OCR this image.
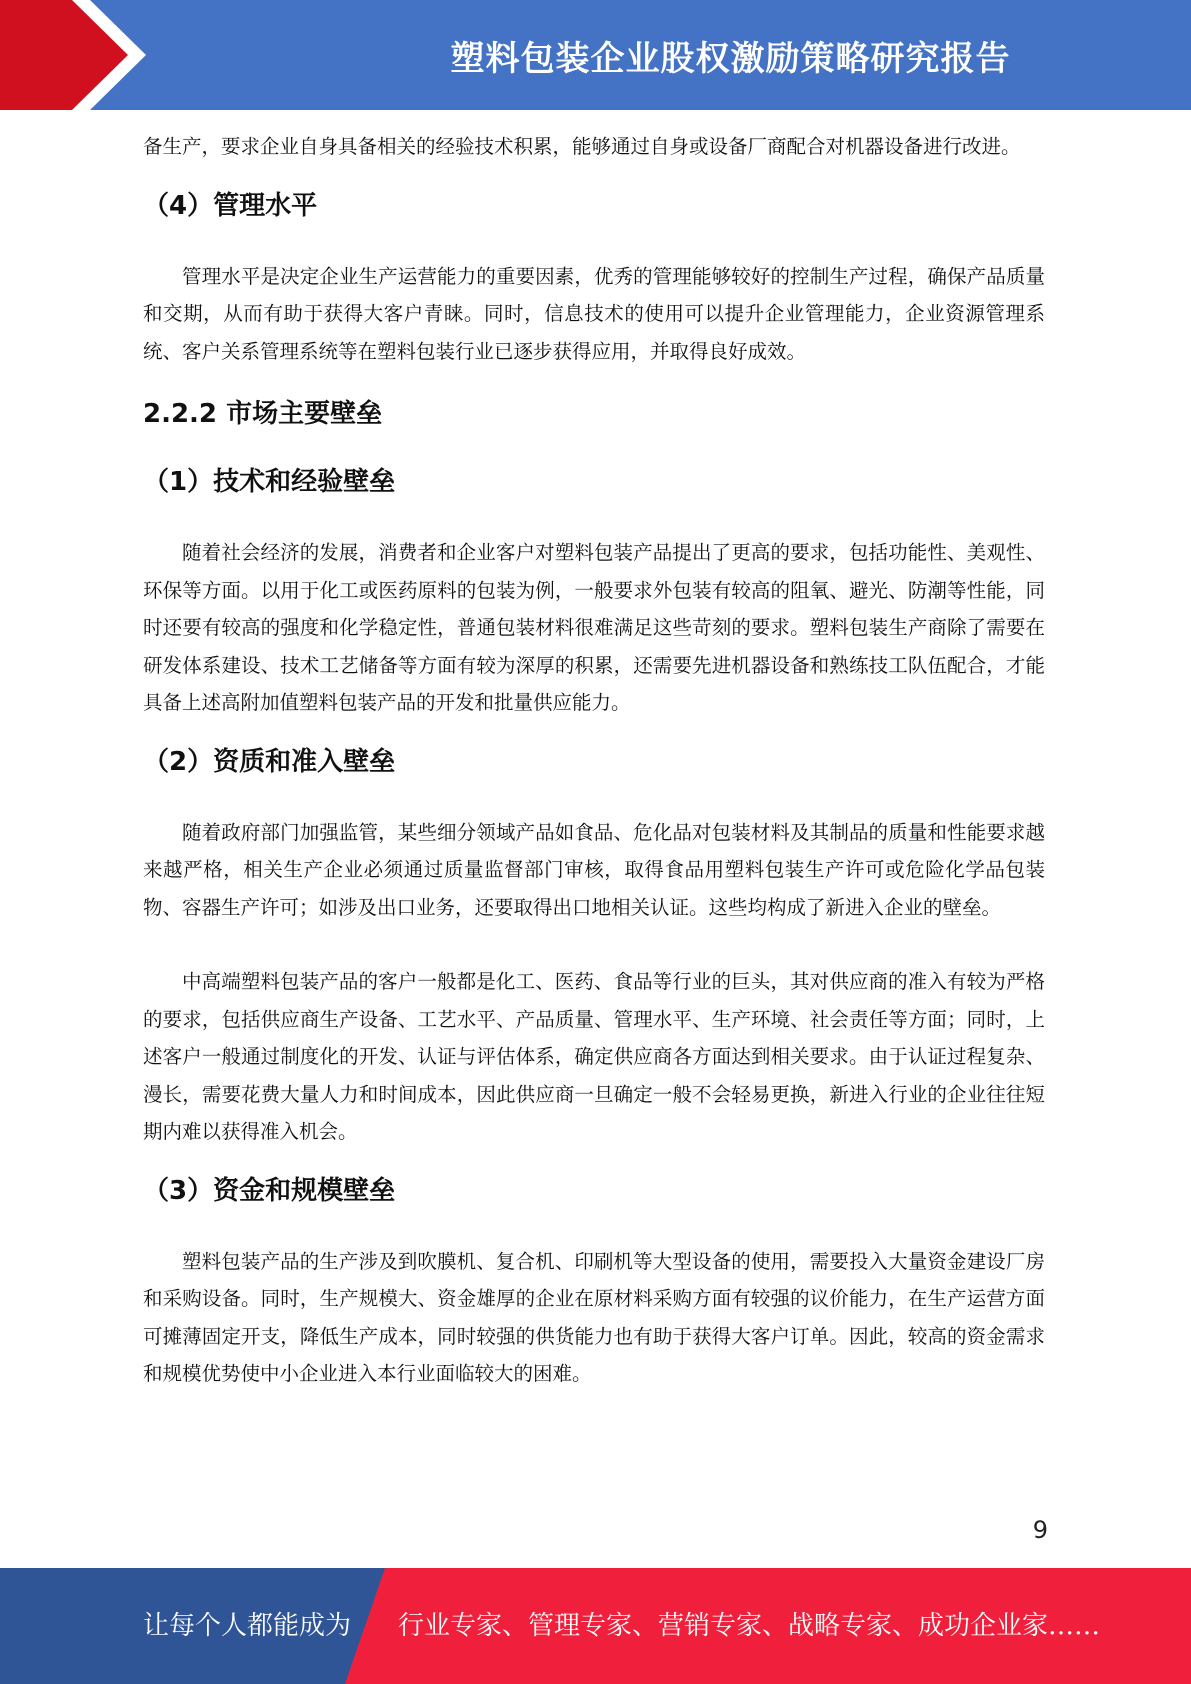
塑料包装企业股权激励策略研究报告

备生产，要求企业自身具备相关的经验技术积累，能够通过自身或设备厂商配合对机器设备进行改进。

（4）管理水平

管理水平是决定企业生产运营能力的重要因素，优秀的管理能够较好的控制生产过程，确保产品质量和交期，从而有助于获得大客户青睐。同时，信息技术的使用可以提升企业管理能力，企业资源管理系统、客户关系管理系统等在塑料包装行业已逐步获得应用，并取得良好成效。

2.2.2 市场主要壁垒
（1）技术和经验壁垒

随着社会经济的发展，消费者和企业客户对塑料包装产品提出了更高的要求，包括功能性、美观性、环保等方面。以用于化工或医药原料的包装为例，一般要求外包装有较高的阻氧、避光、防潮等性能，同时还要有较高的强度和化学稳定性，普通包装材料很难满足这些苛刻的要求。塑料包装生产商除了需要在研发体系建设、技术工艺储备等方面有较为深厚的积累，还需要先进机器设备和熟练技工队伍配合，才能具备上述高附加值塑料包装产品的开发和批量供应能力。

（2）资质和准入壁垒

随着政府部门加强监管，某些细分领域产品如食品、危化品对包装材料及其制品的质量和性能要求越来越严格，相关生产企业必须通过质量监督部门审核，取得食品用塑料包装生产许可或危险化学品包装物、容器生产许可；如涉及出口业务，还要取得出口地相关认证。这些均构成了新进入企业的壁垒。

中高端塑料包装产品的客户一般都是化工、医药、食品等行业的巨头，其对供应商的准入有较为严格的要求，包括供应商生产设备、工艺水平、产品质量、管理水平、生产环境、社会责任等方面；同时，上述客户一般通过制度化的开发、认证与评估体系，确定供应商各方面达到相关要求。由于认证过程复杂、漫长，需要花费大量人力和时间成本，因此供应商一旦确定一般不会轻易更换，新进入行业的企业往往短期内难以获得准入机会。

（3）资金和规模壁垒

塑料包装产品的生产涉及到吹膜机、复合机、印刷机等大型设备的使用，需要投入大量资金建设厂房和采购设备。同时，生产规模大、资金雄厚的企业在原材料采购方面有较强的议价能力，在生产运营方面可摊薄固定开支，降低生产成本，同时较强的供货能力也有助于获得大客户订单。因此，较高的资金需求和规模优势使中小企业进入本行业面临较大的困难。

9
让每个人都能成为 行业专家、管理专家、营销专家、战略专家、成功企业家……
